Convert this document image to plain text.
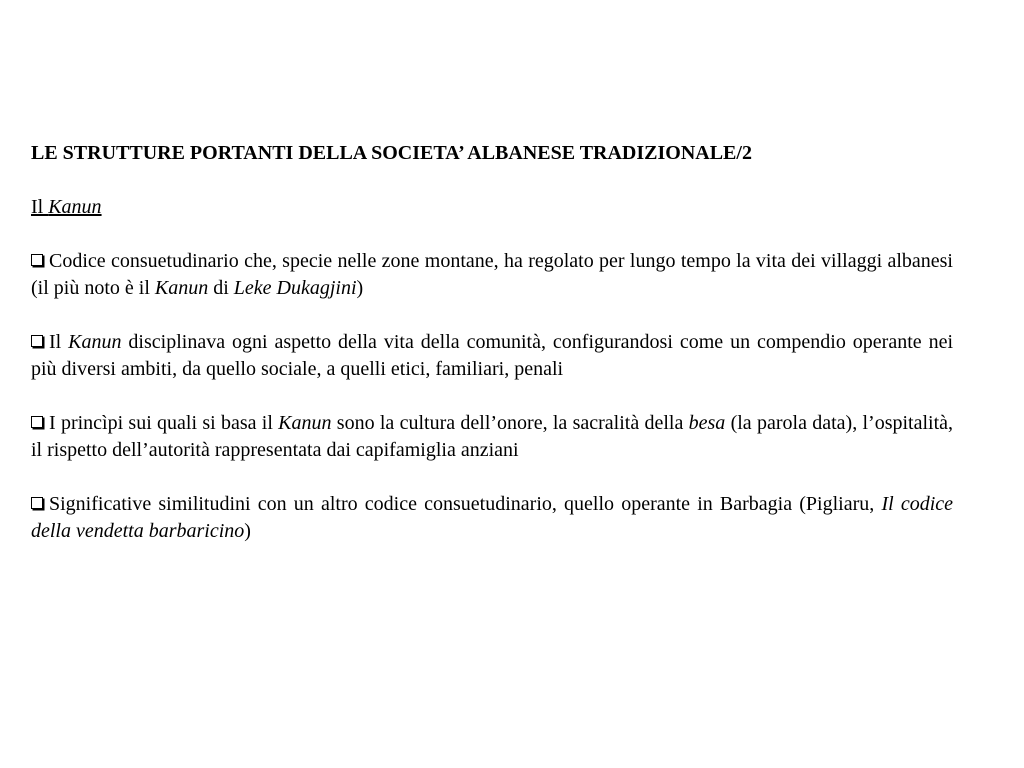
LE STRUTTURE PORTANTI DELLA SOCIETA’ ALBANESE TRADIZIONALE/2
Il Kanun
Codice consuetudinario che, specie nelle zone montane, ha regolato per lungo tempo la vita dei villaggi albanesi (il più noto è il Kanun di Leke Dukagjini)
Il Kanun disciplinava ogni aspetto della vita della comunità, configurandosi come un compendio operante nei più diversi ambiti, da quello sociale, a quelli etici, familiari, penali
I princìpi sui quali si basa il Kanun sono la cultura dell’onore, la sacralità della besa (la parola data), l’ospitalità, il rispetto dell’autorità rappresentata dai capifamiglia anziani
Significative similitudini con un altro codice consuetudinario, quello operante in Barbagia (Pigliaru, Il codice della vendetta barbaricino)
